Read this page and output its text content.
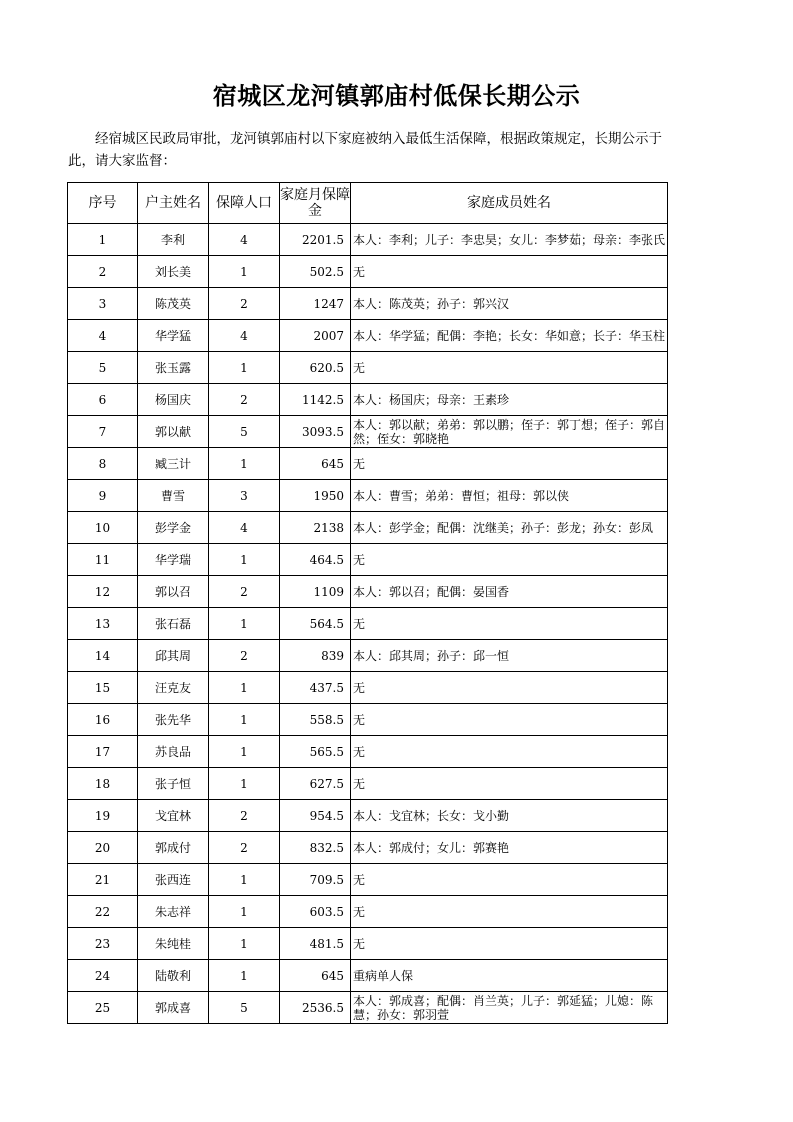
宿城区龙河镇郭庙村低保长期公示
经宿城区民政局审批，龙河镇郭庙村以下家庭被纳入最低生活保障，根据政策规定，长期公示于此，请大家监督：
序号	户主姓名	保障人口	家庭月保障　金	家庭成员姓名
1	李利	4	2201.5	本人：李利；儿子：李忠昊；女儿：李梦茹；母亲：李张氏
2	刘长美	1	502.5	无
3	陈茂英	2	1247	本人：陈茂英；孙子：郭兴汉
4	华学猛	4	2007	本人：华学猛；配偶：李艳；长女：华如意；长子：华玉柱
5	张玉露	1	620.5	无
6	杨国庆	2	1142.5	本人：杨国庆；母亲：王素珍
7	郭以献	5	3093.5	本人：郭以献；弟弟：郭以鹏；侄子：郭丁想；侄子：郭自然；侄女：郭晓艳
8	臧三计	1	645	无
9	曹雪	3	1950	本人：曹雪；弟弟：曹恒；祖母：郭以侠
10	彭学金	4	2138	本人：彭学金；配偶：沈继美；孙子：彭龙；孙女：彭凤
11	华学瑞	1	464.5	无
12	郭以召	2	1109	本人：郭以召；配偶：晏国香
13	张石磊	1	564.5	无
14	邱其周	2	839	本人：邱其周；孙子：邱一恒
15	汪克友	1	437.5	无
16	张先华	1	558.5	无
17	苏良品	1	565.5	无
18	张子恒	1	627.5	无
19	戈宜林	2	954.5	本人：戈宜林；长女：戈小勤
20	郭成付	2	832.5	本人：郭成付；女儿：郭赛艳
21	张西连	1	709.5	无
22	朱志祥	1	603.5	无
23	朱纯桂	1	481.5	无
24	陆敬利	1	645	重病单人保
25	郭成喜	5	2536.5	本人：郭成喜；配偶：肖兰英；儿子：郭延猛；儿媳：陈慧；孙女：郭羽萱
